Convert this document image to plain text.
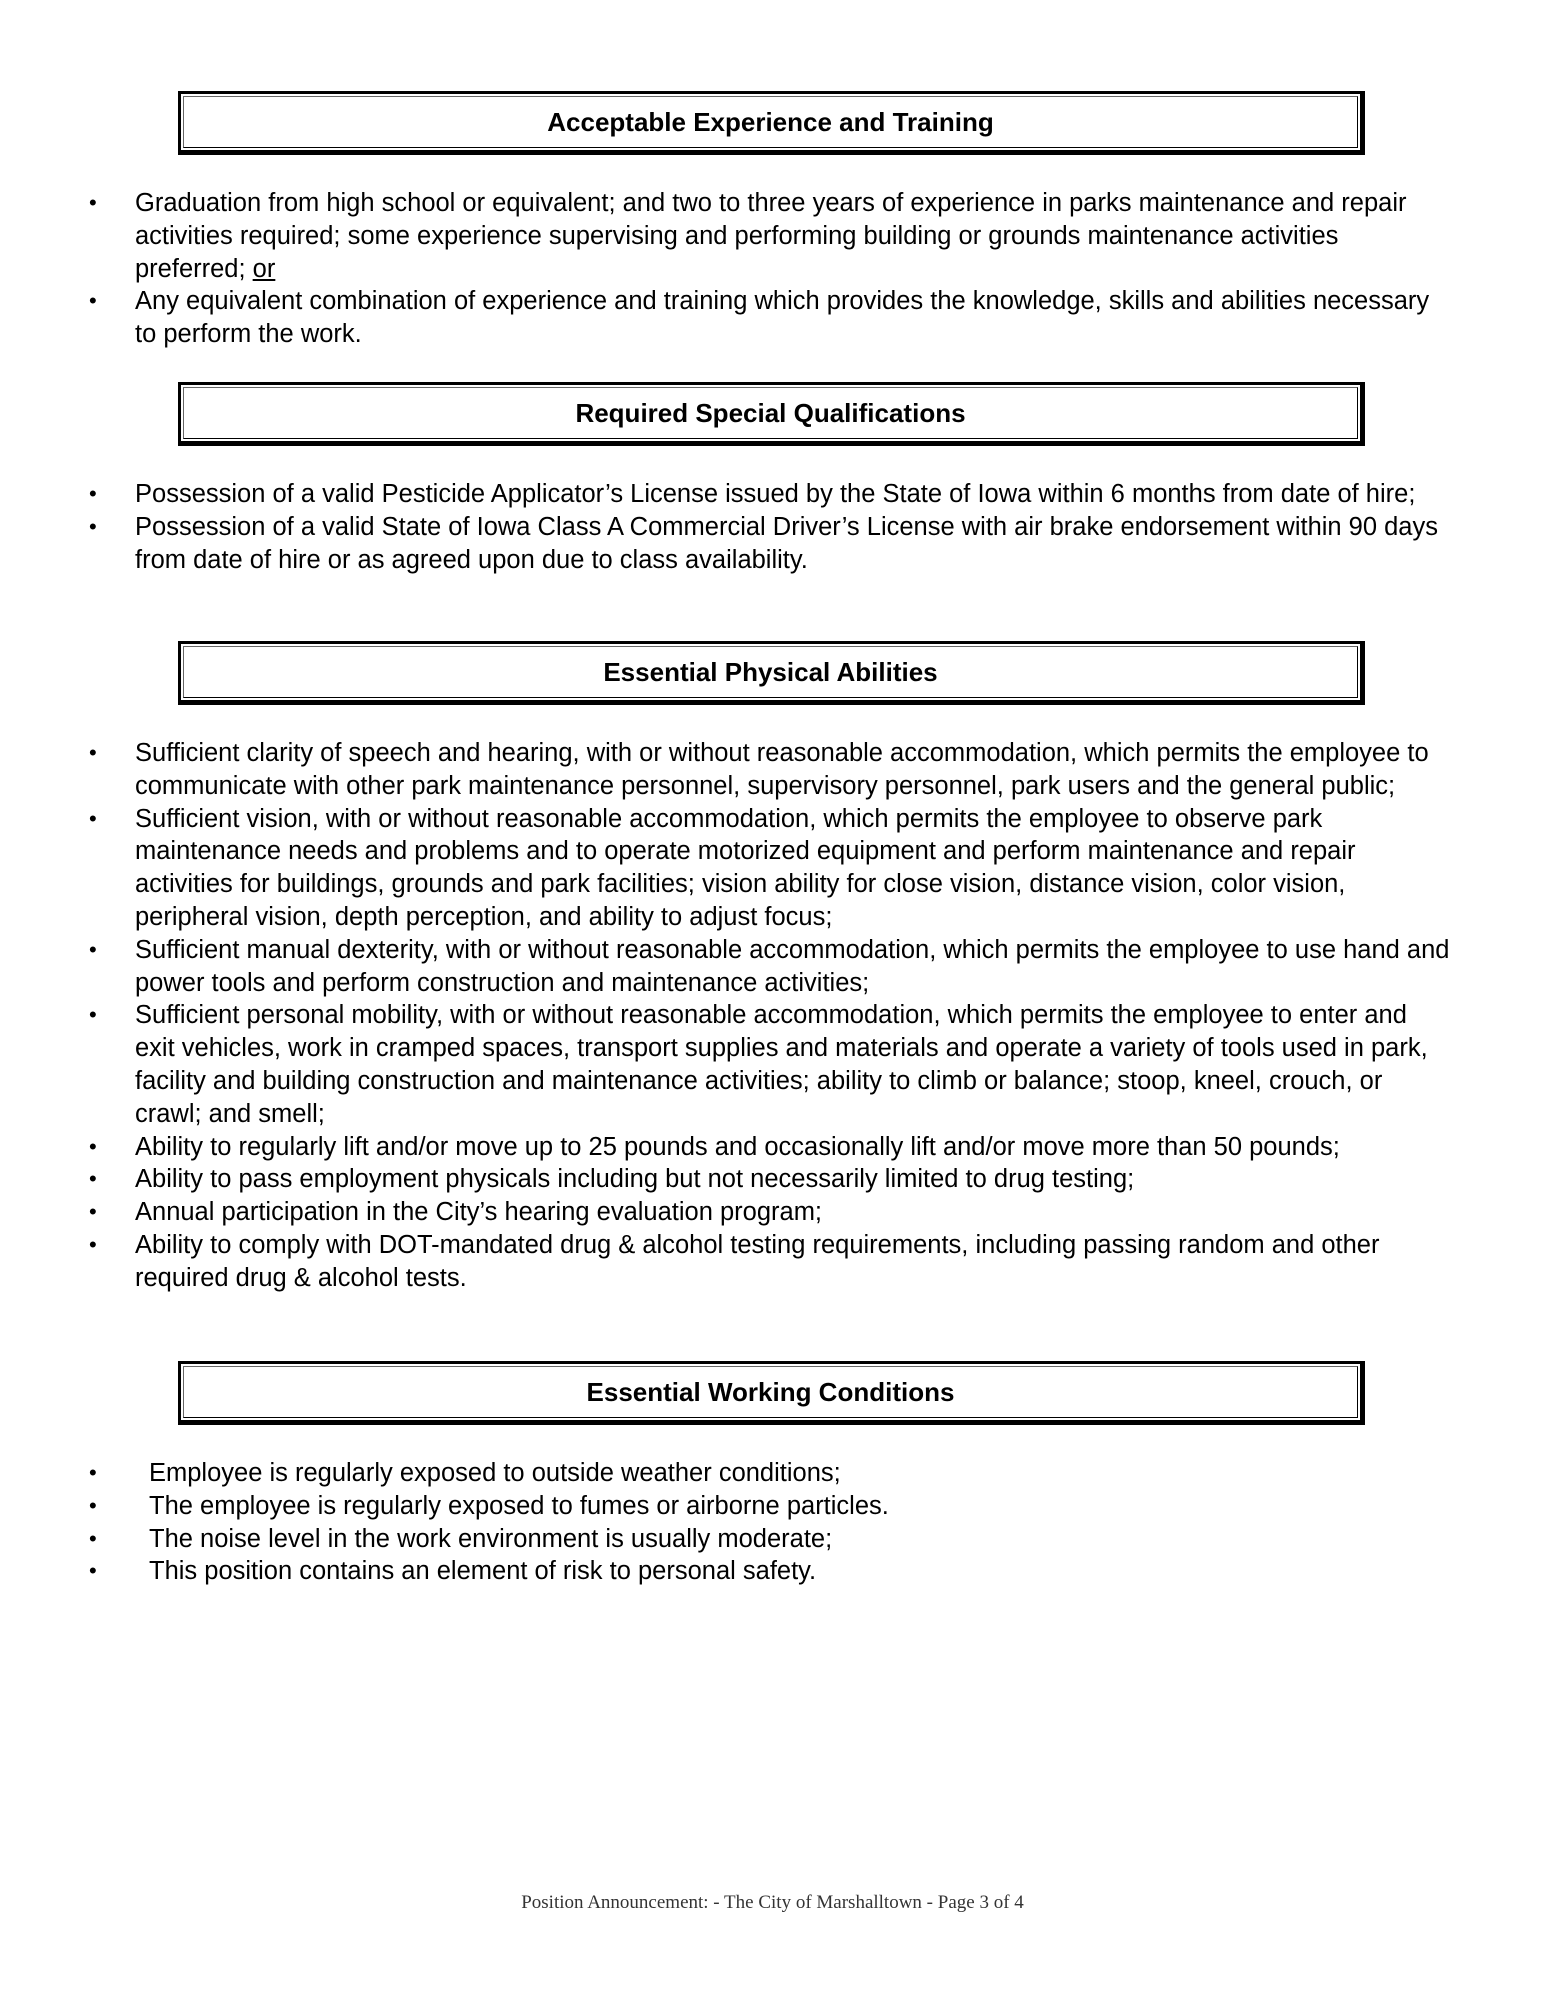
Acceptable Experience and Training
• Graduation from high school or equivalent; and two to three years of experience in parks maintenance and repair activities required; some experience supervising and performing building or grounds maintenance activities preferred; or
• Any equivalent combination of experience and training which provides the knowledge, skills and abilities necessary to perform the work.
Required Special Qualifications
• Possession of a valid Pesticide Applicator’s License issued by the State of Iowa within 6 months from date of hire;
• Possession of a valid State of Iowa Class A Commercial Driver’s License with air brake endorsement within 90 days from date of hire or as agreed upon due to class availability.
Essential Physical Abilities
• Sufficient clarity of speech and hearing, with or without reasonable accommodation, which permits the employee to communicate with other park maintenance personnel, supervisory personnel, park users and the general public;
• Sufficient vision, with or without reasonable accommodation, which permits the employee to observe park maintenance needs and problems and to operate motorized equipment and perform maintenance and repair activities for buildings, grounds and park facilities; vision ability for close vision, distance vision, color vision, peripheral vision, depth perception, and ability to adjust focus;
• Sufficient manual dexterity, with or without reasonable accommodation, which permits the employee to use hand and power tools and perform construction and maintenance activities;
• Sufficient personal mobility, with or without reasonable accommodation, which permits the employee to enter and exit vehicles, work in cramped spaces, transport supplies and materials and operate a variety of tools used in park, facility and building construction and maintenance activities; ability to climb or balance; stoop, kneel, crouch, or crawl; and smell;
• Ability to regularly lift and/or move up to 25 pounds and occasionally lift and/or move more than 50 pounds;
• Ability to pass employment physicals including but not necessarily limited to drug testing;
• Annual participation in the City’s hearing evaluation program;
• Ability to comply with DOT-mandated drug & alcohol testing requirements, including passing random and other required drug & alcohol tests.
Essential Working Conditions
• Employee is regularly exposed to outside weather conditions;
• The employee is regularly exposed to fumes or airborne particles.
• The noise level in the work environment is usually moderate;
• This position contains an element of risk to personal safety.
Position Announcement: - The City of Marshalltown - Page 3 of 4
